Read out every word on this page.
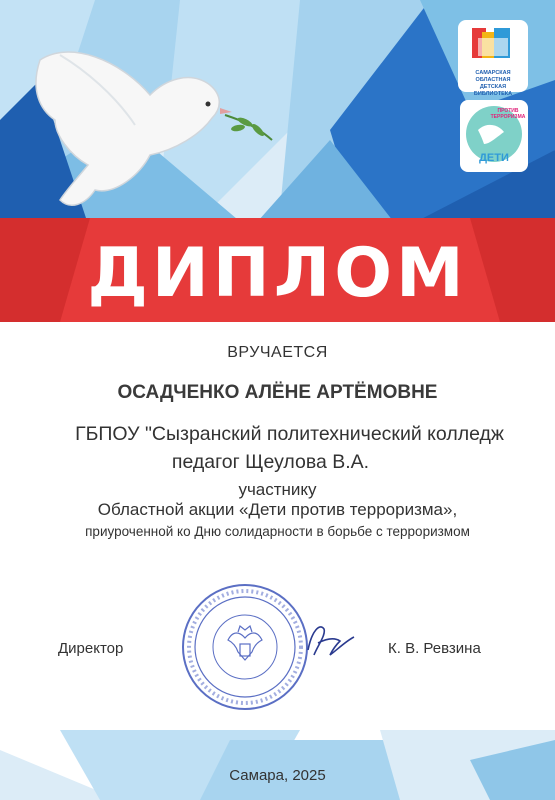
САМАРСКАЯ ОБЛАСТНАЯ ДЕТСКАЯ БИБЛИОТЕКА
ПРОТИВ ТЕРРОРИЗМА
ДЕТИ
ДИПЛОМ
ВРУЧАЕТСЯ
ОСАДЧЕНКО АЛЁНЕ АРТЁМОВНЕ
ГБПОУ "Сызранский политехнический колледж
педагог Щеулова В.А.
участнику
Областной акции «Дети против терроризма»,
приуроченной ко Дню солидарности в борьбе с терроризмом
Директор	К. В. Ревзина
Самара, 2025
